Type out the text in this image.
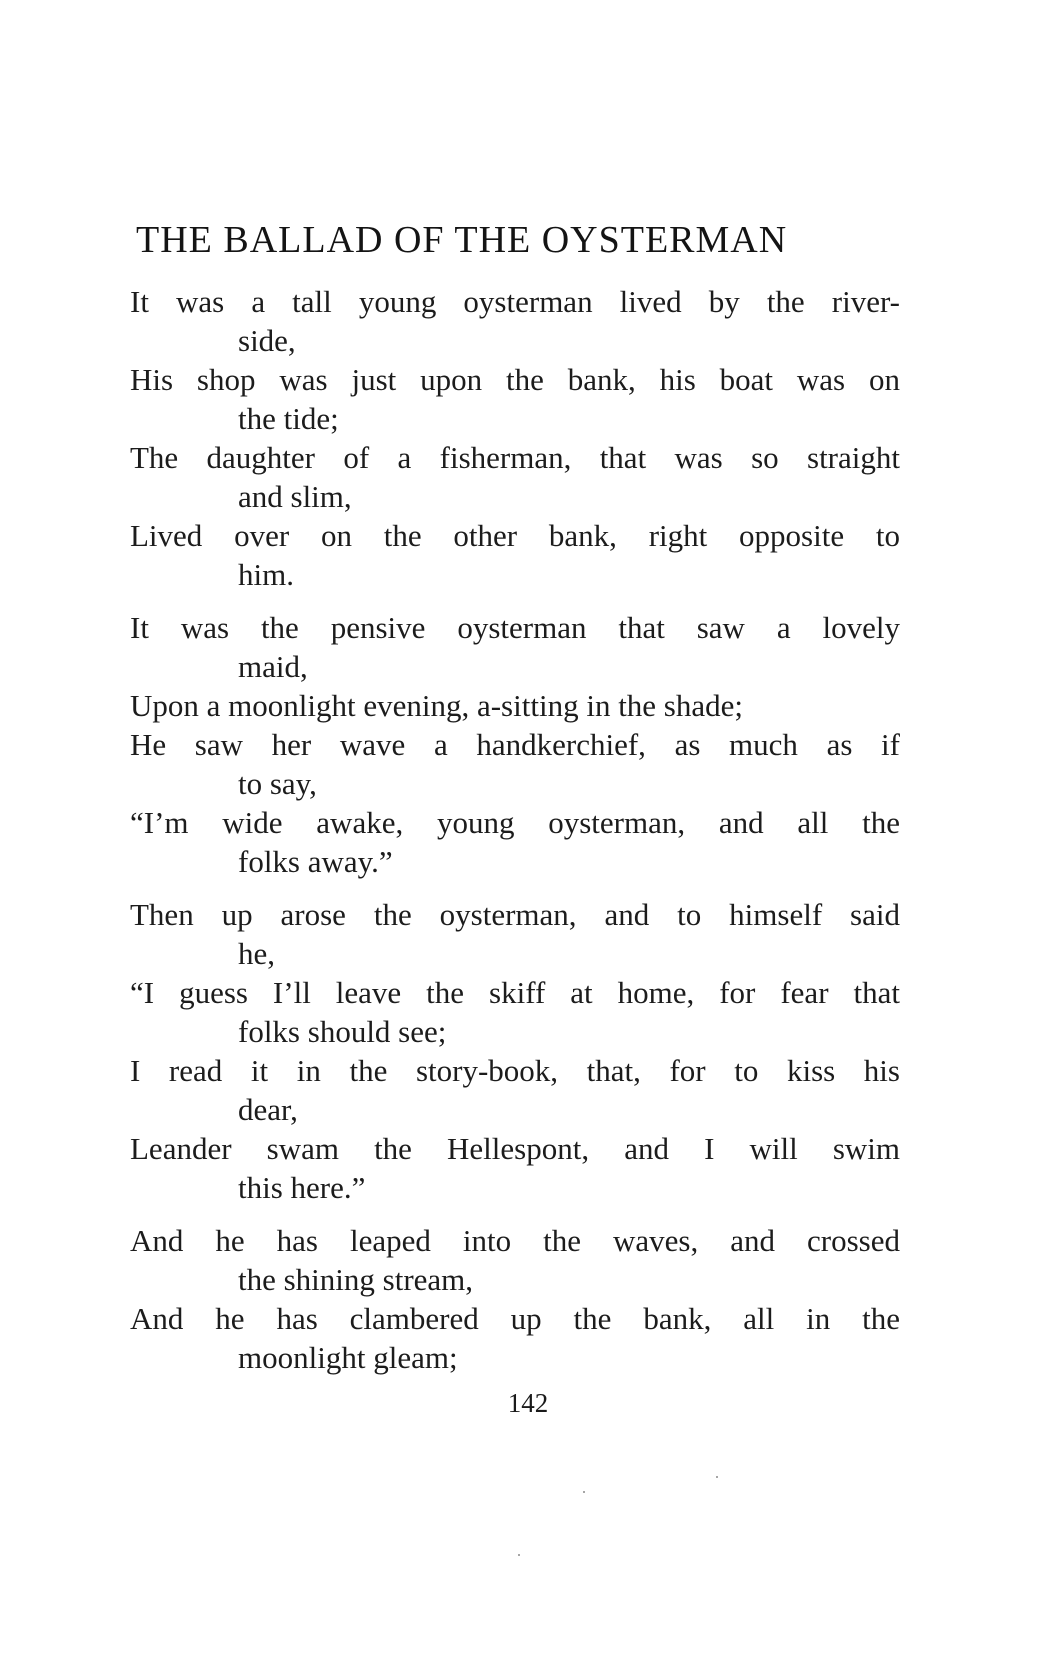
THE BALLAD OF THE OYSTERMAN
It was a tall young oysterman lived by the river-
side,
His shop was just upon the bank, his boat was on
the tide;
The daughter of a fisherman, that was so straight
and slim,
Lived over on the other bank, right opposite to
him.
It was the pensive oysterman that saw a lovely
maid,
Upon a moonlight evening, a-sitting in the shade;
He saw her wave a handkerchief, as much as if
to say,
“I’m wide awake, young oysterman, and all the
folks away.”
Then up arose the oysterman, and to himself said
he,
“I guess I’ll leave the skiff at home, for fear that
folks should see;
I read it in the story-book, that, for to kiss his
dear,
Leander swam the Hellespont, and I will swim
this here.”
And he has leaped into the waves, and crossed
the shining stream,
And he has clambered up the bank, all in the
moonlight gleam;
142
